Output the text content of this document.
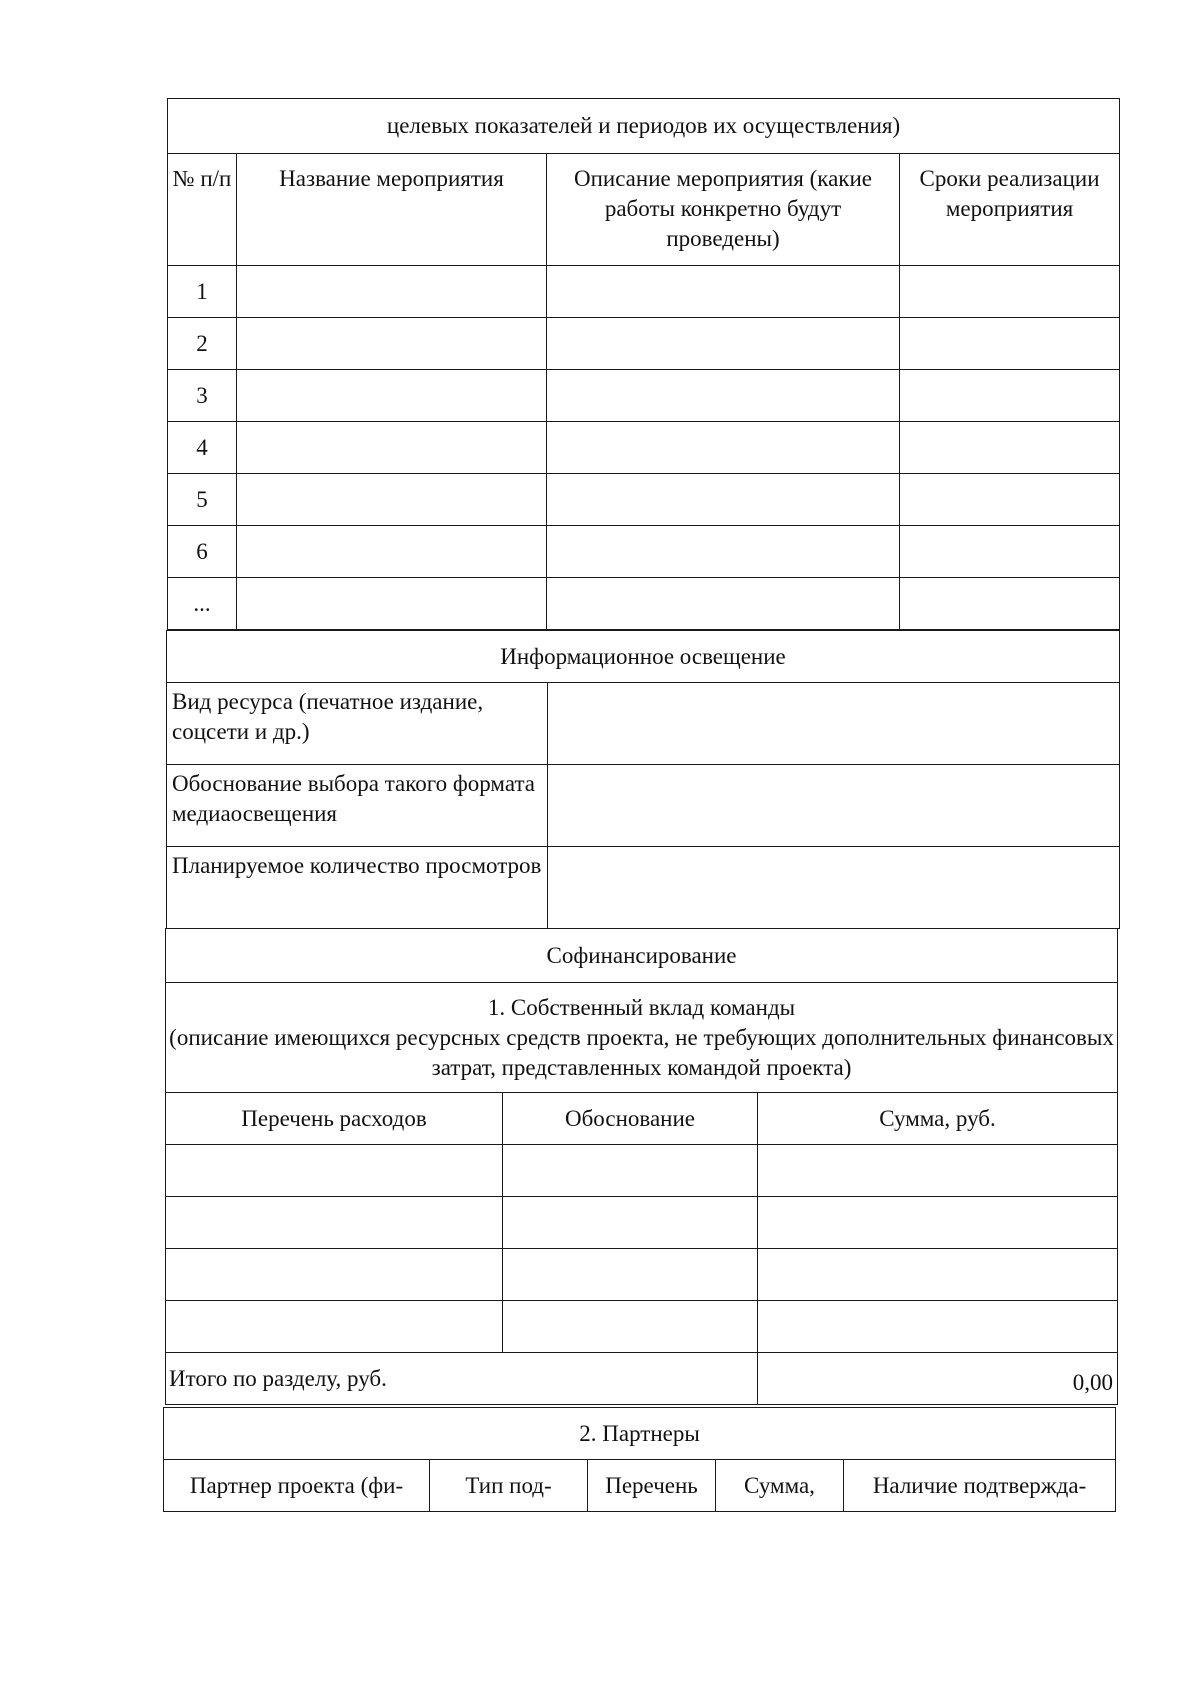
целевых показателей и периодов их осуществления)			
№ п/п	Название мероприятия	Описание мероприятия (какие работы конкретно будут проведены)	Сроки реализации мероприятия
1			
2			
3			
4			
5			
6			
...			
Информационное освещение	
Вид ресурса (печатное издание, соцсети и др.)	
Обоснование выбора такого формата медиаосвещения	
Планируемое количество просмотров	
Софинансирование		

1. Собственный вклад команды
(описание имеющихся ресурсных средств проекта, не требующих дополнительных финансовых затрат, представленных командой проекта)		

Перечень расходов	Обоснование	Сумма, руб.

Итого по разделу, руб.		0,00
2. Партнеры
Партнер проекта (фи-	Тип под-	Перечень	Сумма,	Наличие подтвержда-
